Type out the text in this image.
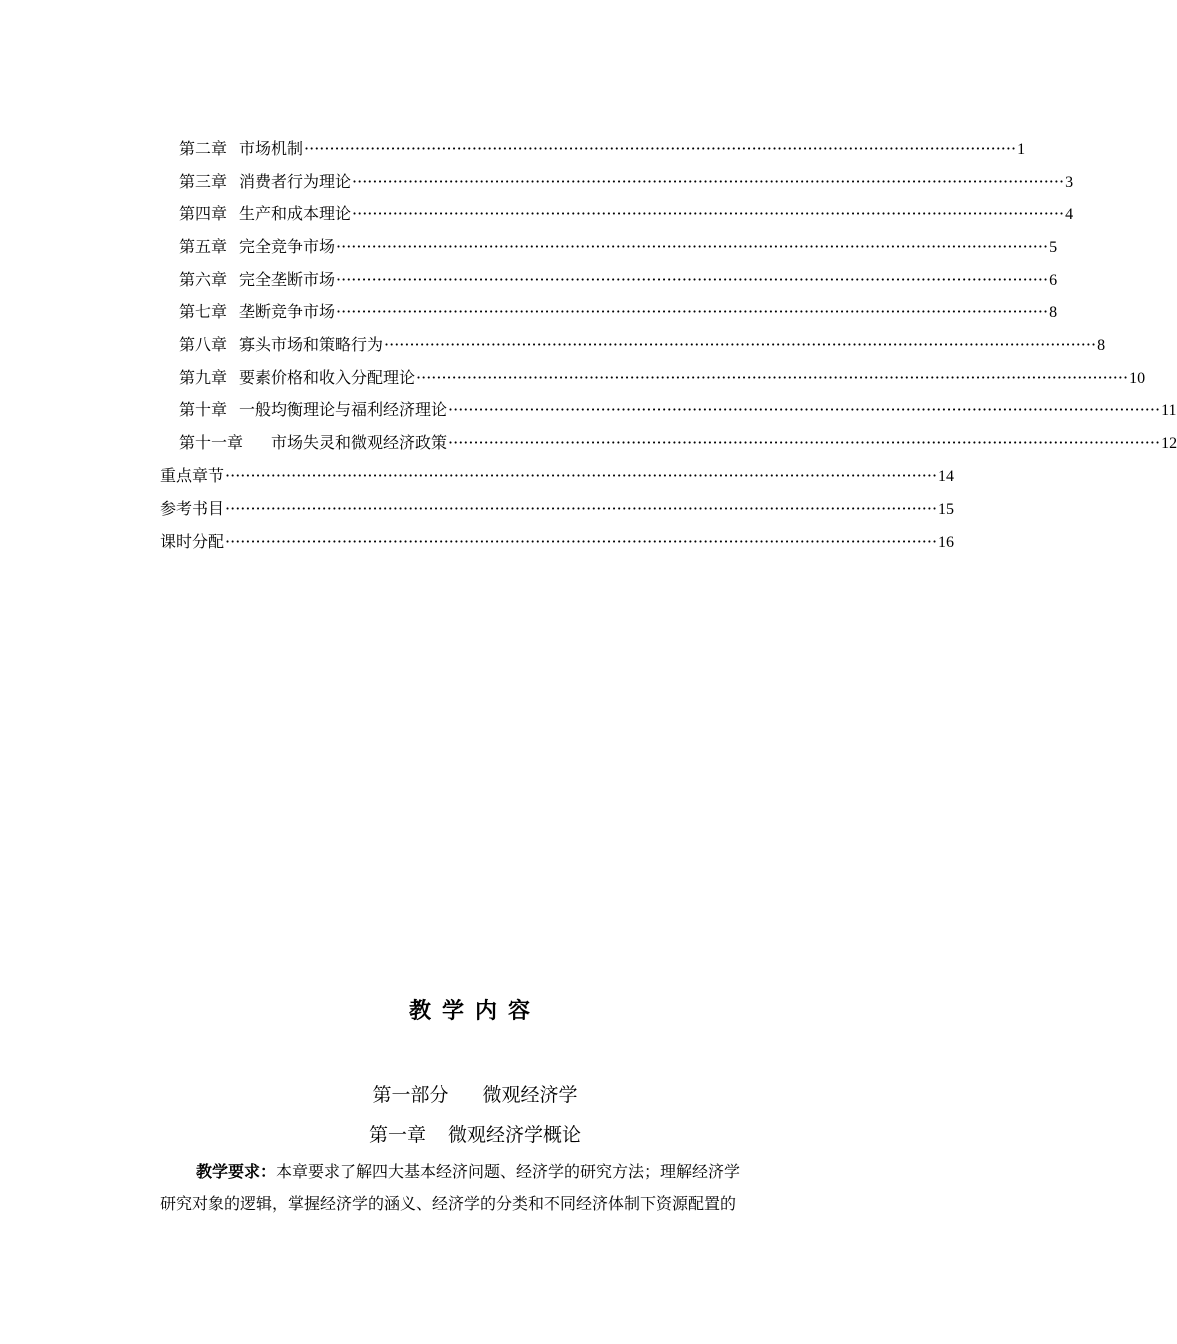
第二章 市场机制 ············································································································································ 1
第三章 消费者行为理论 ············································································································································ 3
第四章 生产和成本理论 ············································································································································ 4
第五章 完全竞争市场 ············································································································································ 5
第六章 完全垄断市场 ············································································································································ 6
第七章 垄断竞争市场 ············································································································································ 8
第八章 寡头市场和策略行为 ············································································································································ 8
第九章 要素价格和收入分配理论 ············································································································································ 10
第十章 一般均衡理论与福利经济理论 ············································································································································ 11
第十一章 市场失灵和微观经济政策 ············································································································································ 12
重点章节 ············································································································································ 14
参考书目 ············································································································································ 15
课时分配 ············································································································································ 16
教学内容
第一部分 微观经济学
第一章 微观经济学概论
教学要求：本章要求了解四大基本经济问题、经济学的研究方法；理解经济学
研究对象的逻辑，掌握经济学的涵义、经济学的分类和不同经济体制下资源配置的
